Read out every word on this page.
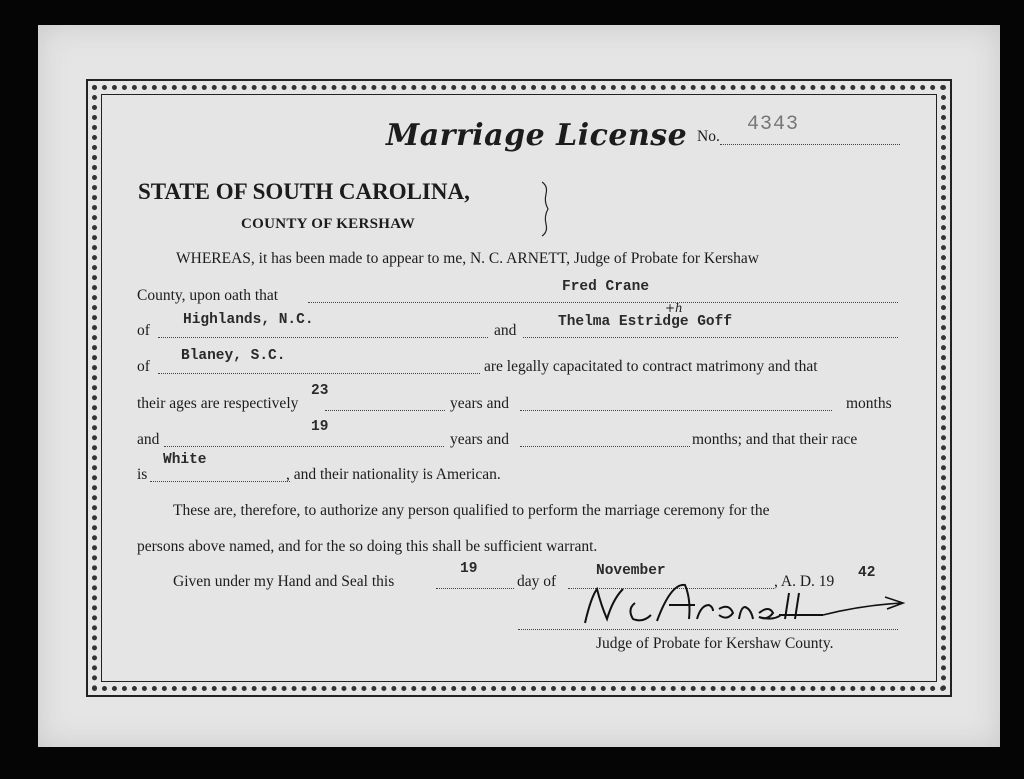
Marriage License No.
4343
STATE OF SOUTH CAROLINA,
COUNTY OF KERSHAW

WHEREAS, it has been made to appear to me, N. C. ARNETT, Judge of Probate for Kershaw
County, upon oath that	Fred Crane
of
Highlands, N.C.
and	Thelma Estridge Goff
+h
of
Blaney, S.C.
are legally capacitated to contract matrimony and that
their ages are respectively
23
years and	months
and
19
years and	months; and that their race
is
White
, and their nationality is American.
These are, therefore, to authorize any person qualified to perform the marriage ceremony for the
persons above named, and for the so doing this shall be sufficient warrant.
Given under my Hand and Seal this
19
day of
November
, A. D. 19 42
Judge of Probate for Kershaw County.
